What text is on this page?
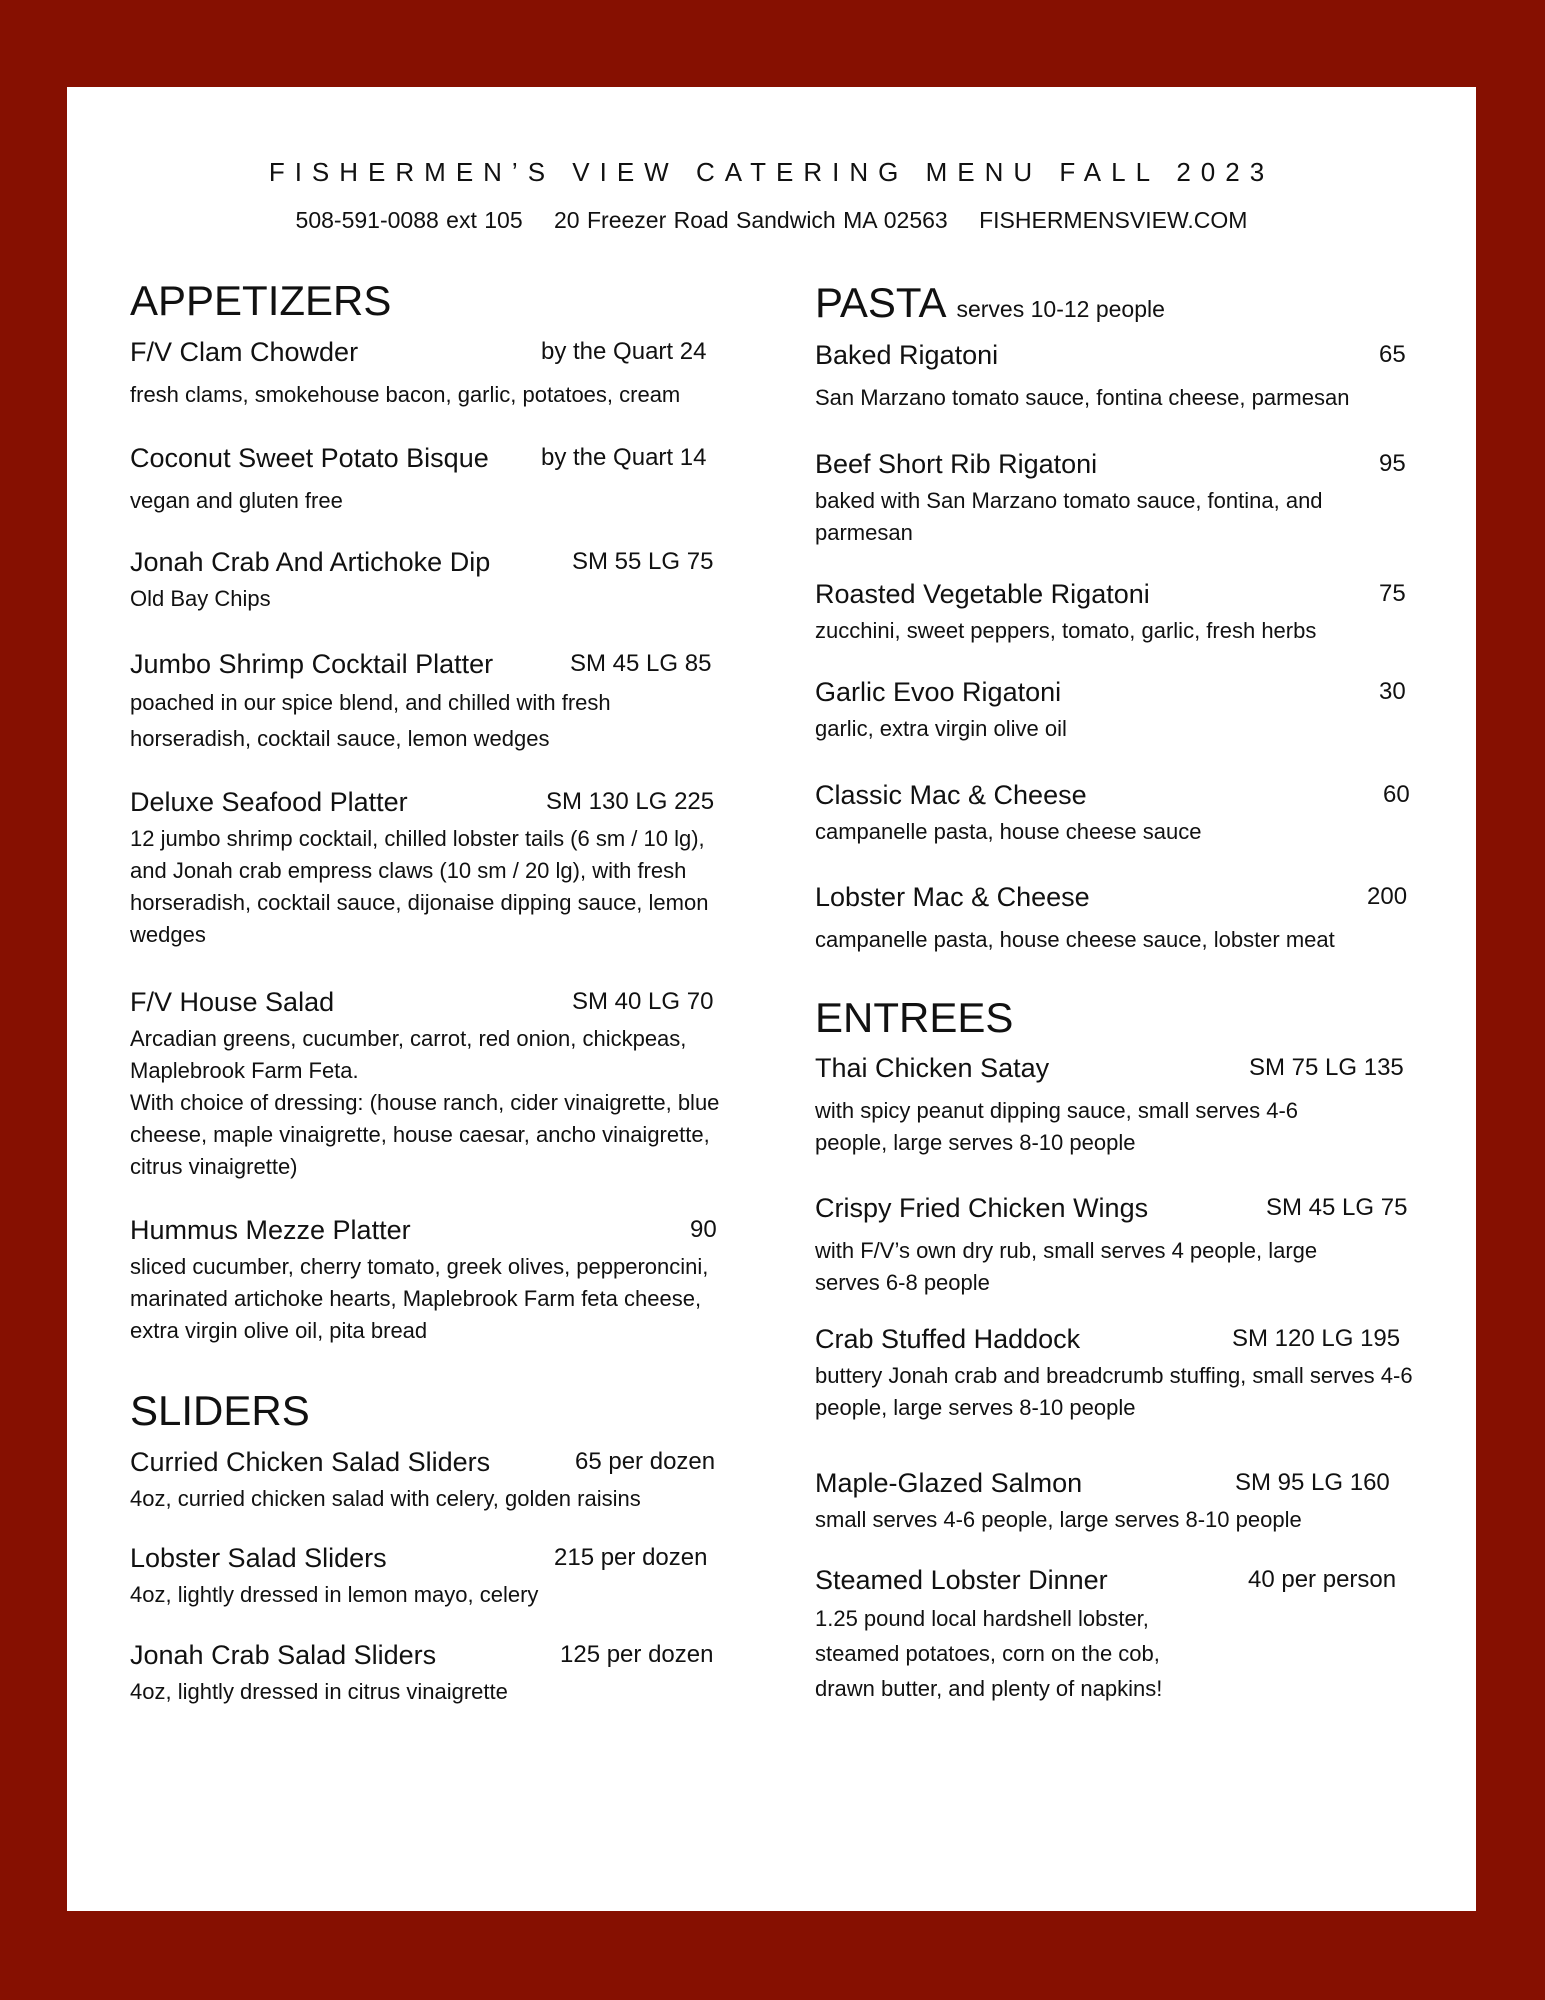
FISHERMEN’S VIEW CATERING MENU FALL 2023
508-591-0088 ext 105 20 Freezer Road Sandwich MA 02563 FISHERMENSVIEW.COM
APPETIZERS
F/V Clam Chowder	by the Quart 24
fresh clams, smokehouse bacon, garlic, potatoes, cream
Coconut Sweet Potato Bisque by the Quart 14
vegan and gluten free
Jonah Crab And Artichoke Dip	SM 55 LG 75
Old Bay Chips
Jumbo Shrimp Cocktail Platter	SM 45 LG 85
poached in our spice blend, and chilled with fresh horseradish, cocktail sauce, lemon wedges
Deluxe Seafood Platter	SM 130 LG 225
12 jumbo shrimp cocktail, chilled lobster tails (6 sm / 10 lg), and Jonah crab empress claws (10 sm / 20 lg), with fresh horseradish, cocktail sauce, dijonaise dipping sauce, lemon wedges
F/V House Salad	SM 40 LG 70
Arcadian greens, cucumber, carrot, red onion, chickpeas, Maplebrook Farm Feta.
With choice of dressing: (house ranch, cider vinaigrette, blue cheese, maple vinaigrette, house caesar, ancho vinaigrette, citrus vinaigrette)
Hummus Mezze Platter	90
sliced cucumber, cherry tomato, greek olives, pepperoncini, marinated artichoke hearts, Maplebrook Farm feta cheese, extra virgin olive oil, pita bread
SLIDERS
Curried Chicken Salad Sliders	65 per dozen
4oz, curried chicken salad with celery, golden raisins
Lobster Salad Sliders	215 per dozen
4oz, lightly dressed in lemon mayo, celery
Jonah Crab Salad Sliders	125 per dozen
4oz, lightly dressed in citrus vinaigrette
PASTA serves 10-12 people
Baked Rigatoni	65
San Marzano tomato sauce, fontina cheese, parmesan
Beef Short Rib Rigatoni	95
baked with San Marzano tomato sauce, fontina, and parmesan
Roasted Vegetable Rigatoni	75
zucchini, sweet peppers, tomato, garlic, fresh herbs
Garlic Evoo Rigatoni	30
garlic, extra virgin olive oil
Classic Mac & Cheese	60
campanelle pasta, house cheese sauce
Lobster Mac & Cheese	200
campanelle pasta, house cheese sauce, lobster meat
ENTREES
Thai Chicken Satay	SM 75 LG 135
with spicy peanut dipping sauce, small serves 4-6 people, large serves 8-10 people
Crispy Fried Chicken Wings	SM 45 LG 75
with F/V’s own dry rub, small serves 4 people, large serves 6-8 people
Crab Stuffed Haddock	SM 120 LG 195
buttery Jonah crab and breadcrumb stuffing, small serves 4-6 people, large serves 8-10 people
Maple-Glazed Salmon	SM 95 LG 160
small serves 4-6 people, large serves 8-10 people
Steamed Lobster Dinner	40 per person
1.25 pound local hardshell lobster, steamed potatoes, corn on the cob, drawn butter, and plenty of napkins!
